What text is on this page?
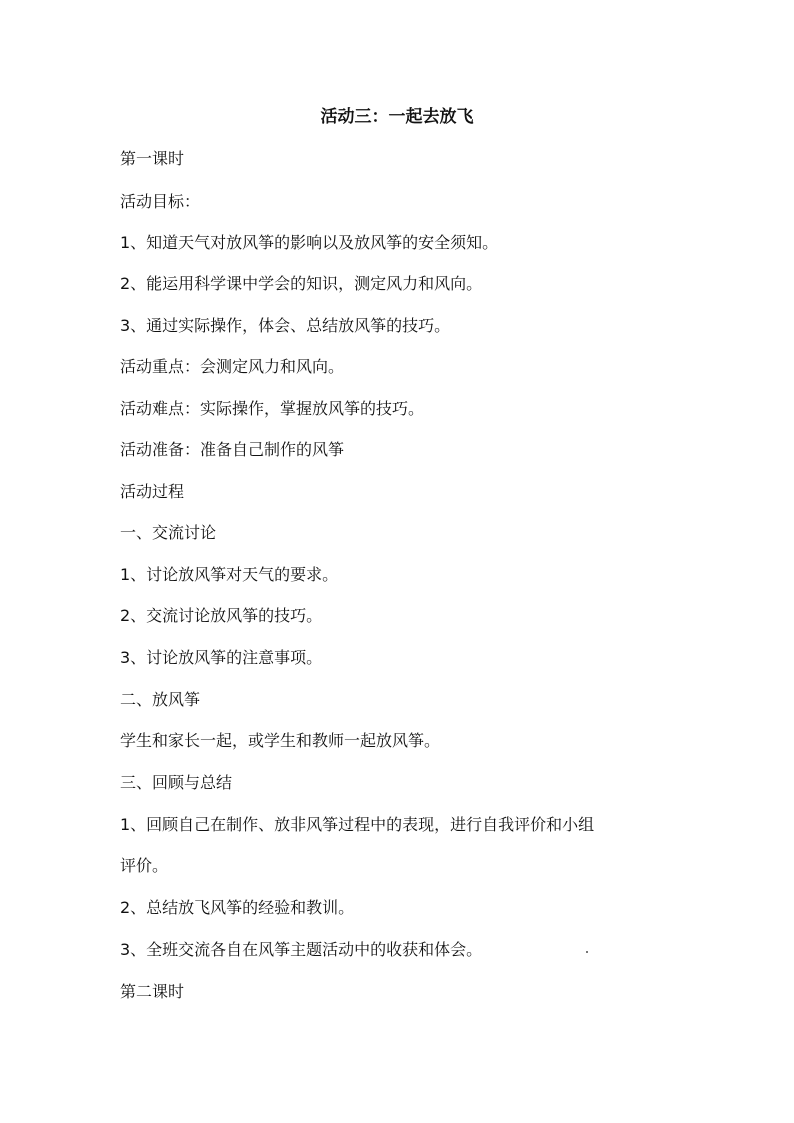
活动三：一起去放飞
第一课时
活动目标：
1、知道天气对放风筝的影响以及放风筝的安全须知。
2、能运用科学课中学会的知识，测定风力和风向。
3、通过实际操作，体会、总结放风筝的技巧。
活动重点：会测定风力和风向。
活动难点：实际操作，掌握放风筝的技巧。
活动准备：准备自己制作的风筝
活动过程
一、交流讨论
1、讨论放风筝对天气的要求。
2、交流讨论放风筝的技巧。
3、讨论放风筝的注意事项。
二、放风筝
学生和家长一起，或学生和教师一起放风筝。
三、回顾与总结
1、回顾自己在制作、放非风筝过程中的表现，进行自我评价和小组
评价。
2、总结放飞风筝的经验和教训。
3、全班交流各自在风筝主题活动中的收获和体会。
第二课时
